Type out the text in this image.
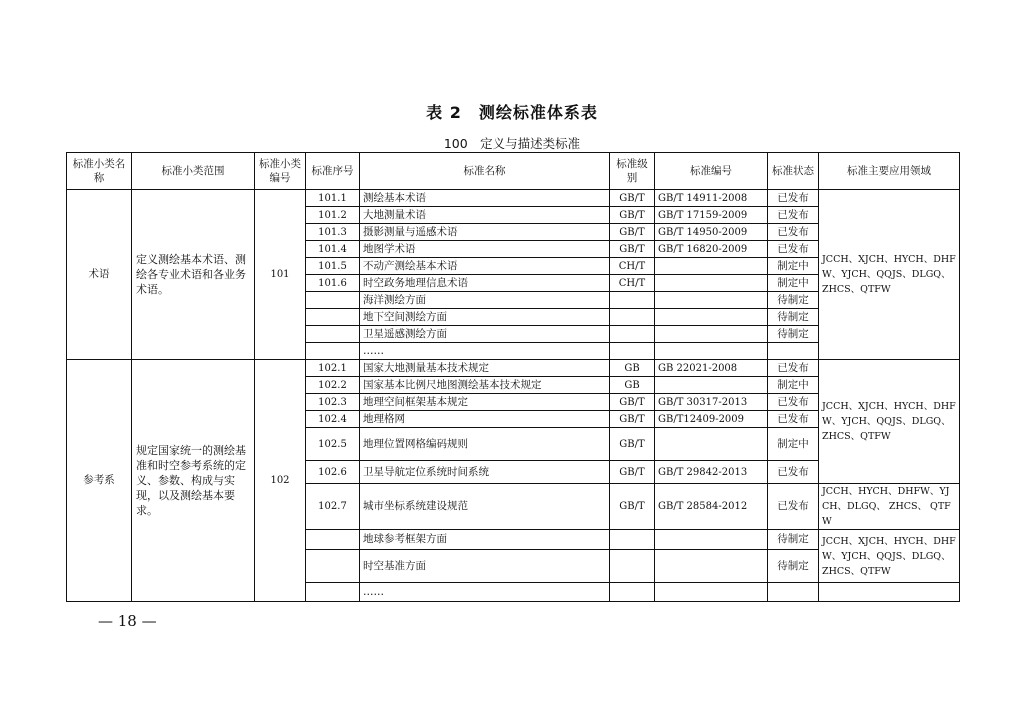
表 2　测绘标准体系表
100　定义与描述类标准
标准小类名称	标准小类范围	标准小类编号	标准序号	标准名称	标准级别	标准编号	标准状态	标准主要应用领域
术语	定义测绘基本术语、测绘各专业术语和各业务术语。	101	101.1	测绘基本术语	GB/T	GB/T 14911-2008	已发布	JCCH、XJCH、HYCH、DHFW、YJCH、QQJS、DLGQ、ZHCS、QTFW
			101.2	大地测量术语	GB/T	GB/T 17159-2009	已发布	
			101.3	摄影测量与遥感术语	GB/T	GB/T 14950-2009	已发布	
			101.4	地图学术语	GB/T	GB/T 16820-2009	已发布	
			101.5	不动产测绘基本术语	CH/T		制定中	
			101.6	时空政务地理信息术语	CH/T		制定中	
				海洋测绘方面			待制定	
				地下空间测绘方面			待制定	
				卫星遥感测绘方面			待制定	
				……				
参考系	规定国家统一的测绘基准和时空参考系统的定义、参数、构成与实现，以及测绘基本要求。	102	102.1	国家大地测量基本技术规定	GB	GB 22021-2008	已发布	JCCH、XJCH、HYCH、DHFW、YJCH、QQJS、DLGQ、ZHCS、QTFW
			102.2	国家基本比例尺地图测绘基本技术规定	GB		制定中	
			102.3	地理空间框架基本规定	GB/T	GB/T 30317-2013	已发布	
			102.4	地理格网	GB/T	GB/T12409-2009	已发布	
			102.5	地理位置网格编码规则	GB/T		制定中	
			102.6	卫星导航定位系统时间系统	GB/T	GB/T 29842-2013	已发布	
			102.7	城市坐标系统建设规范	GB/T	GB/T 28584-2012	已发布	JCCH、HYCH、DHFW、YJCH、DLGQ、 ZHCS、 QTFW
				地球参考框架方面			待制定	JCCH、XJCH、HYCH、DHFW、YJCH、QQJS、DLGQ、ZHCS、QTFW
				时空基准方面			待制定	
				……				
— 18 —
